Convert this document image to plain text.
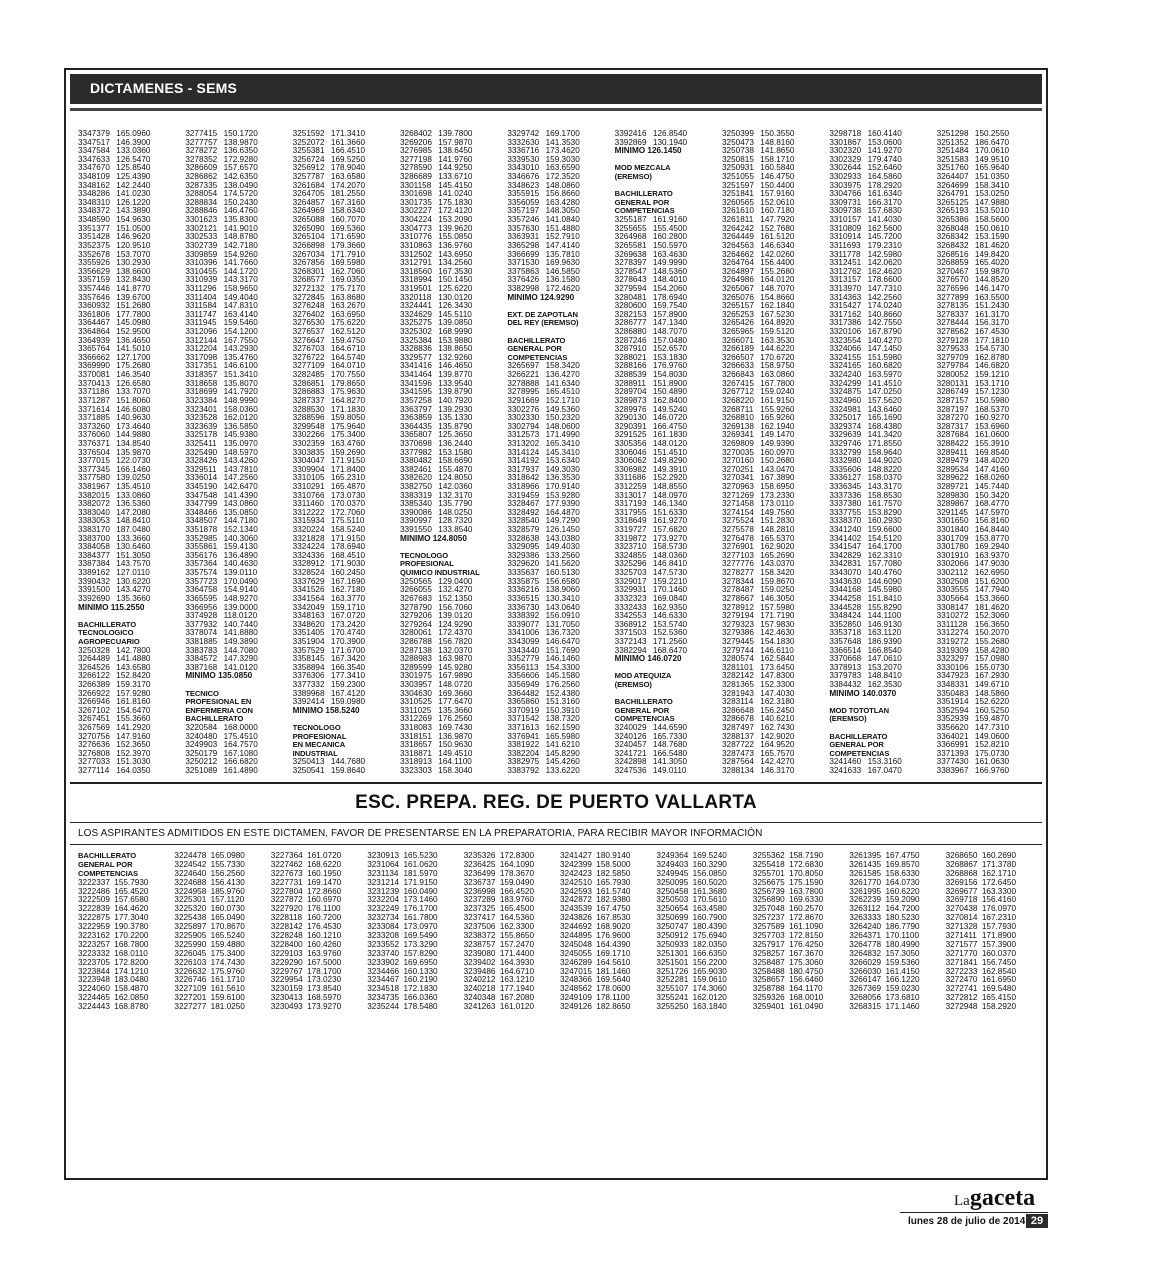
DICTAMENES - SEMS
3347379 165.0960
3347517 146.3900
3347584 133.0360
3347633 126.5470
3347670 125.8540
3348109 125.4390
3348162 142.2440
3348286 141.0230
3348310 126.1220
3348372 143.3890
3348590 154.9630
3351377 151.0500
3351428 146.9620
3352375 120.9510
3352678 153.7070
3355926 130.2930
3356629 138.6600
3357159 132.8430
3357446 141.8770
3357646 139.6700
3360932 151.2680
3361806 177.7800
3364467 145.0980
3364864 152.9500
3364939 136.4650
3365764 141.5010
3366662 127.1700
3369990 175.2680
3370081 146.3540
3370413 126.6580
3371186 133.7070
3371287 151.8060
3371614 146.6080
3371885 140.9630
3373260 173.4640
3376060 144.9880
3376371 134.8540
3376504 135.9870
3377015 122.0730
3377345 166.1460
3377580 139.0250
3381967 135.4510
3382015 133.0860
3382072 136.5360
3383040 147.2080
3383053 148.8410
3383170 187.0480
3383700 133.3660
3384058 130.6460
3384377 151.3050
3387384 143.7570
3389162 127.0110
3390432 130.6220
3391500 143.4270
3392690 135.3660
MÍNIMO 115.2550
BACHILLERATO
TECNOLOGICO
AGROPECUARIO
3250328 142.7800
3264489 141.4880
3264526 143.6580
3266122 152.8420
3266389 159.3170
3266922 157.9280
3266946 161.8160
3267102 154.6470
3267451 155.3660
3267569 141.2920
3270756 147.9160
3276636 152.3650
3276808 152.3970
3277033 151.3030
3277114 164.0350
3277415 150.1720
3277757 138.9870
3278272 136.6350
3278352 172.9280
3286609 157.6570
3286862 142.6350
3287335 138.0490
3288054 174.5720
3288834 150.2430
3288846 146.4760
3301623 135.8300
3302121 141.9010
3302533 148.8780
3302739 142.7180
3309859 154.9260
3310396 141.7660
3310455 144.1720
3310939 143.3170
3311296 158.9650
3311404 149.4040
3311584 147.8310
3311747 163.4140
3311945 159.5460
3312096 154.1200
3312144 167.7550
3312204 143.2930
3317098 135.4760
3317351 146.6100
3318357 151.3410
3318658 135.8070
3318699 141.7920
3323384 148.9990
3323401 158.0360
3323528 162.0120
3323639 136.5850
3325178 145.9380
3325411 135.0970
3325490 148.5970
3328426 143.4260
3329511 143.7810
3336014 147.2560
3345190 142.6470
3347548 141.4390
3347799 143.0860
3348466 135.0850
3348507 144.7180
3351878 152.1340
3352985 140.3060
3355861 159.4130
3356176 136.4890
3357364 140.4630
3357574 139.0110
3357723 170.0490
3364758 154.9140
3365595 148.9270
3366956 139.0000
3374928 118.0120
3377932 140.7440
3378074 141.8880
3381885 149.3890
3383783 144.7080
3384572 147.3290
3387168 141.0120
MÍNIMO 135.0850
TECNICO
PROFESIONAL EN
ENFERMERIA CON
BACHILLERATO
3220584 168.0000
3240480 175.4510
3249903 164.7570
3250179 167.1080
3250212 166.6820
3251089 161.4890
3251592 171.3410
3252072 161.3660
3255381 166.4510
3256724 169.5250
3256912 178.9040
3257787 163.6580
3261684 174.2070
3264705 181.2550
3264857 167.3160
3264969 158.6340
3265088 160.7070
3265090 169.5360
3265104 171.6590
3266898 179.3660
3267034 171.7910
3267856 169.5980
3268301 162.7060
3268577 169.0350
3272132 175.7170
3272845 163.8680
3276248 163.2670
3276402 163.6950
3276530 175.6220
3276537 162.5120
3276647 159.4750
3276703 164.6710
3276722 164.5740
3277109 164.0710
3282485 170.7550
3286851 179.8650
3286883 175.9630
3287337 164.8270
3288530 171.1830
3288596 159.8050
3299548 175.9640
3302266 175.3400
3302359 163.4760
3303835 159.2690
3304047 171.9150
3309904 171.8400
3310105 165.2310
3310291 165.4870
3310766 173.0730
3311460 170.0370
3312222 172.7060
3315934 175.5110
3320224 158.5240
3321828 171.9150
3324224 178.6940
3324336 168.4510
3328912 171.9030
3328524 160.2450
3337629 167.1690
3341526 162.7180
3341564 163.3770
3342049 159.1710
3348163 167.0720
3348620 173.2420
3351405 170.4740
3351904 170.3900
3357529 171.6700
3358145 167.3420
3358894 166.3540
3376306 177.3410
3377332 159.2300
3389968 167.4120
3392414 159.0980
MÍNIMO 158.5240
TECNOLOGO
PROFESIONAL
EN MECANICA
INDUSTRIAL
3250413 144.7680
3250541 159.8640
3268402 139.7800
3269206 157.9870
3276985 138.6450
3277198 141.9760
3278590 144.9250
3286689 133.6710
3301158 145.4150
3301698 141.0240
3301735 175.1830
3302227 172.4120
3304224 153.2090
3304773 139.9620
3310776 155.0850
3310863 136.9760
3312502 143.6950
3312791 134.2560
3318560 167.3530
3318994 150.1450
3319501 125.6220
3320118 130.0120
3324441 126.3430
3324629 145.5110
3325275 139.0850
3325302 168.9990
3325384 153.9880
3328836 138.8650
3329577 132.9260
3341416 146.4650
3341464 139.8770
3341596 133.9540
3341595 139.8790
3357258 140.7920
3363797 139.2930
3363859 135.1330
3364435 135.8790
3365807 125.3650
3370698 136.2440
3377982 153.1580
3380482 158.6690
3382461 155.4870
3382620 124.8050
3382750 142.0360
3383319 132.3170
3385340 135.7790
3390086 148.0250
3390997 128.7320
3391550 133.8540
MÍNIMO 124.8050
TECNOLOGO
PROFESIONAL
QUIMICO INDUSTRIAL
3250565 129.0400
3266055 132.4270
3267683 152.1350
3278790 156.7060
3279206 139.0120
3279264 124.9290
3280061 172.4370
3286788 156.7820
3287138 132.0370
3288983 163.9870
3289599 145.9280
3301975 167.9890
3303957 148.0720
3304630 169.3660
3310525 177.6470
3311025 135.3660
3312269 176.2560
3318083 169.7430
3318151 136.9870
3318657 150.9630
3318871 149.4510
3318913 164.1100
3323303 158.3040
3329742 169.1700
3332630 141.3530
3336716 173.4620
3339530 159.3030
3343010 163.6590
3346676 172.3520
3348623 148.0860
3355915 156.8660
3356059 163.4280
3357197 148.3050
3357246 141.0840
3357630 151.4880
3363931 152.7910
3365298 147.4140
3366699 135.7810
3371530 169.9630
3375863 146.5850
3376426 136.1580
3382998 172.4620
MÍNIMO 124.9290
EXT. DE ZAPOTLAN
DEL REY (EREMSO)
BACHILLERATO
GENERAL POR
COMPETENCIAS
3265697 158.3420
3266221 136.4270
3278888 141.6340
3278995 165.4510
3291669 152.1710
3302276 149.5360
3302330 150.2320
3302794 148.0600
3312573 171.4990
3313202 165.3410
3314124 145.3410
3314192 153.6340
3317937 149.3030
3318642 136.3530
3318966 170.9140
3319459 153.9280
3328467 177.9390
3328492 164.4870
3328540 149.7290
3328579 126.1450
3328638 143.0380
3329095 149.4030
3329386 133.2560
3329620 141.5620
3335637 160.5130
3335875 156.6580
3336216 138.9060
3336515 130.3410
3336730 143.0640
3338392 156.0910
3339077 131.7050
3341006 136.7320
3343099 146.6470
3343440 151.7690
3352779 146.1460
3356113 154.3300
3356606 145.1580
3356949 176.2560
3364482 152.4380
3365860 151.3160
3370919 150.3910
3371542 138.7320
3371613 162.1590
3376941 165.5980
3381922 141.6210
3382204 145.8290
3382975 145.4260
3383792 133.6220
3392416 126.8540
3392869 130.1940
MÍNIMO 126.1450
MOD MEZCALA
(EREMSO)
BACHILLERATO
GENERAL POR
COMPETENCIAS
3255187 161.9160
3255655 155.4500
3264968 160.2800
3265581 150.5970
3269638 163.4630
3278397 149.9990
3278547 148.5360
3278643 148.4010
3279594 154.2060
3280481 178.6940
3280600 159.7540
3282153 157.8900
3286777 147.1340
3286880 148.7070
3287246 157.0480
3287910 152.6570
3288021 153.1830
3288166 176.9760
3288539 154.8030
3288911 151.8900
3289704 150.4890
3289873 162.8400
3289976 149.5240
3290130 146.0720
3290391 166.4750
3291525 161.1830
3305356 148.0120
3306046 151.4510
3306062 149.8290
3306982 149.3910
3311686 152.2920
3312259 148.8550
3313017 148.0970
3317193 146.1340
3317955 151.6330
3318649 161.9270
3319727 157.6820
3319872 173.9270
3323710 158.5730
3324855 148.0360
3325296 146.8410
3325703 147.5730
3329017 159.2210
3329931 170.1460
3332323 169.0840
3332433 162.9350
3342553 146.6330
3368912 153.5740
3371503 152.5360
3372143 171.2560
3382294 168.6470
MÍNIMO 146.0720
MOD ATEQUIZA
(EREMSO)
BACHILLERATO
GENERAL POR
COMPETENCIAS
3240029 144.6590
3240126 165.7330
3240457 148.7680
3241721 166.5480
3242898 141.3050
3247536 149.0110
3250399 150.3550
3250473 148.8160
3250738 141.8650
3250815 158.1710
3250931 160.5840
3251055 146.4750
3251597 150.4400
3251841 157.9160
3260565 152.0610
3261610 160.7180
3261811 147.7920
3264242 152.7680
3264449 161.5120
3264563 146.6340
3264662 142.0260
3264764 156.4400
3264897 155.2680
3264986 164.0120
3265067 148.7070
3265076 154.8660
3265157 162.1840
3265253 167.5230
3265426 164.8920
3265965 159.5120
3266071 163.3530
3266189 144.6220
3266507 170.6720
3266633 158.9750
3266843 163.0860
3267415 167.7800
3267712 159.0240
3268220 161.9150
3268711 155.9260
3268810 165.9260
3269138 162.1940
3269341 149.1470
3269809 149.9390
3270035 160.0970
3270160 150.2680
3270251 143.0470
3270341 167.3890
3270963 158.6950
3271269 173.2330
3271458 173.0110
3274154 149.7560
3275524 151.2830
3275578 148.2810
3276478 165.5370
3276901 162.9020
3277103 165.2690
3277776 143.0370
3278277 158.3420
3278344 159.8670
3278487 159.0250
3278667 146.3050
3278912 157.5980
3279194 171.7190
3279323 157.9830
3279386 142.4630
3279445 154.1830
3279744 146.6110
3280574 162.5840
3281101 173.6450
3282142 147.8300
3281365 152.3300
3281943 147.4030
3283114 162.3180
3286648 156.2450
3286678 140.6210
3287497 162.7430
3288137 142.9020
3287722 164.9520
3287473 165.7570
3287564 142.4270
3288134 146.3170
3298718 160.4140
3301867 153.0600
3302320 141.9270
3302329 179.4740
3302644 152.6460
3302933 164.5860
3303975 178.2920
3304766 161.6340
3309731 166.3170
3309738 157.6830
3310157 141.4030
3310809 162.5600
3310914 145.7200
3311693 179.2310
3311778 142.5980
3312451 142.0620
3312762 162.4620
3313157 178.6600
3313970 147.7310
3314363 142.2560
3315427 174.0240
3317162 140.8660
3317386 142.7550
3320106 167.8790
3323554 140.4270
3324066 147.1450
3324155 151.5980
3324165 160.6820
3324240 163.5970
3324299 141.4510
3324875 147.0250
3324960 157.5620
3324981 143.6460
3325017 165.1690
3329374 168.4380
3329639 141.3420
3329746 171.8550
3332799 158.9640
3332980 144.9020
3335606 148.8220
3336127 158.0370
3336345 143.3170
3337336 158.8530
3337380 161.7570
3337755 153.8290
3338370 160.2930
3341240 159.6600
3341402 154.5120
3341547 164.1700
3342829 162.3310
3342831 157.7080
3343070 140.4760
3343630 144.6090
3344168 145.5980
3344258 151.8410
3344528 155.8290
3348424 144.1100
3352850 146.9130
3353718 163.1120
3357648 186.9390
3366514 166.8540
3370668 147.0610
3378913 153.2070
3379783 148.8410
3384432 162.3530
MÍNIMO 140.0370
MOD TOTOTLAN
(EREMSO)
BACHILLERATO
GENERAL POR
COMPETENCIAS
3241460 153.3160
3241633 167.0470
3251298 150.2550
3251352 186.6470
3251484 170.0610
3251583 149.9510
3251760 165.9640
3264407 151.0350
3264699 158.3410
3264791 153.0250
3265125 147.9880
3265193 153.5010
3265386 158.5600
3268048 150.0610
3268342 153.1590
3268432 181.4620
3268516 149.8420
3268859 165.4020
3270467 159.9870
3276570 144.8520
3276596 146.1470
3277899 163.5500
3278135 151.2430
3278337 161.3170
3278444 156.3170
3278562 167.4530
3279128 177.1810
3279533 154.5730
3279709 162.8780
3279784 146.6820
3280052 159.1210
3280131 153.1710
3286749 157.1230
3287157 150.5980
3287197 168.5370
3287270 160.9270
3287317 153.6960
3287684 161.0600
3288422 155.3910
3289411 169.8540
3289479 148.4020
3289534 147.4160
3289622 168.0260
3289721 145.7440
3289830 150.3420
3289867 168.4770
3291145 147.5970
3301650 156.8160
3301840 164.8440
3301709 153.8770
3301780 169.2940
3301910 163.9370
3302066 147.9030
3302112 162.6950
3302508 151.6200
3303555 147.7940
3305664 153.3660
3308147 181.4620
3310272 152.3060
3311128 156.3650
3312274 150.2070
3319272 155.2680
3319309 158.4280
3323297 157.0980
3330106 155.0730
3347923 167.2930
3348331 149.6710
3350483 148.5860
3351914 152.6220
3352594 160.5250
3352939 159.4870
3356620 147.7310
3364021 149.0600
3366991 152.8210
3371393 175.0730
3377430 161.0630
3383967 166.9760
ESC. PREPA. REG. DE PUERTO VALLARTA
LOS ASPIRANTES ADMITIDOS EN ESTE DICTAMEN, FAVOR DE PRESENTARSE EN LA PREPARATORIA, PARA RECIBIR MAYOR INFORMACIÓN
BACHILLERATO
GENERAL POR
COMPETENCIAS
3222337 155.7930
3222486 165.4520
3222509 157.6580
3222839 164.4620
3222875 177.3040
3222959 190.3780
3223162 170.2200
3223257 168.7800
3223332 168.0110
3223705 172.8200
3223844 174.1210
3223948 183.0480
3224060 158.4870
3224465 162.0850
3224443 168.8780
3224478 165.0980
3224542 155.7330
3224640 156.2560
3224688 156.4130
3224958 185.9760
3225301 157.1120
3225320 160.0730
3225438 165.0490
3225897 170.8670
3225905 165.5240
3225990 159.4880
3226045 175.3400
3226103 174.7430
3226632 175.9760
3226746 161.1710
3227109 161.5610
3227201 159.6100
3227277 181.0250
3227364 161.0720
3227462 168.6220
3227673 160.1950
3227731 169.1470
3227804 172.8660
3227872 160.6970
3227920 176.1100
3228118 160.7200
3228142 176.4530
3228248 160.1210
3228400 160.4260
3229103 163.9760
3229290 167.5000
3229767 178.1700
3229954 173.0230
3230159 173.8540
3230413 168.5970
3230493 173.9270
3230913 165.5230
3231064 161.0620
3231134 181.5970
3231214 171.9150
3231239 160.0490
3232204 173.1460
3232249 176.1700
3232734 161.7800
3233084 173.0970
3233208 169.5490
3233552 173.3290
3233740 157.8290
3233902 169.6950
3234466 160.1330
3234467 160.2190
3234518 172.1830
3234735 166.0360
3235244 178.5480
3235326 172.8300
3236425 164.1090
3236499 178.3670
3236737 159.0490
3236998 166.4520
3237289 183.9760
3237325 165.4500
3237417 164.5360
3237506 162.3300
3238372 155.8650
3238757 157.2470
3239080 171.4400
3239402 164.3930
3239486 164.6710
3240212 163.1210
3240218 177.1940
3240348 167.2080
3241263 161.0120
3241427 180.9140
3242399 158.5000
3242423 182.5850
3242510 165.7930
3242593 161.5740
3242872 182.9380
3243539 167.4750
3243826 167.8530
3244692 168.9020
3244895 176.9600
3245048 164.4390
3245055 169.1710
3246289 164.5610
3247015 181.1460
3248366 169.5640
3248562 178.0600
3249109 178.1100
3249126 182.8650
3249364 169.5240
3249403 160.3290
3249945 156.0850
3250095 160.5020
3250458 161.3680
3250503 170.5610
3250654 163.4580
3250699 160.7900
3250747 180.4390
3250912 175.6940
3250933 182.0350
3251301 166.6350
3251501 156.2200
3251726 165.9030
3252281 159.0610
3255107 174.3060
3255241 162.0120
3255250 163.1840
3255362 158.7190
3255418 172.6830
3255701 170.8050
3256675 175.1590
3256739 163.7800
3256890 169.6330
3257048 160.2570
3257237 172.8670
3257589 161.1090
3257703 172.8150
3257917 176.4250
3258257 167.3670
3258487 175.3060
3258488 180.4750
3258657 156.6460
3258788 164.1170
3259326 168.0010
3259401 161.0490
3261395 167.4750
3261435 169.8570
3261585 158.6330
3261770 164.0730
3261995 160.6220
3262239 159.2090
3263112 164.7200
3263333 180.5230
3264240 186.7790
3264371 170.1100
3264778 180.4990
3264832 157.3050
3266029 159.5360
3266030 161.4150
3266147 166.1220
3267369 159.0230
3268056 173.6810
3268315 171.1460
3268650 160.2690
3268867 171.3780
3268868 162.1710
3269156 172.6450
3269677 163.3300
3269718 156.4160
3270438 176.0970
3270814 167.2310
3271328 157.7930
3271411 171.8900
3271577 157.3900
3271770 160.0370
3271841 156.7450
3272233 162.8540
3272470 161.6950
3272741 169.5480
3272812 165.4150
3272948 158.2920
Lagaceta
lunes 28 de julio de 2014 29
